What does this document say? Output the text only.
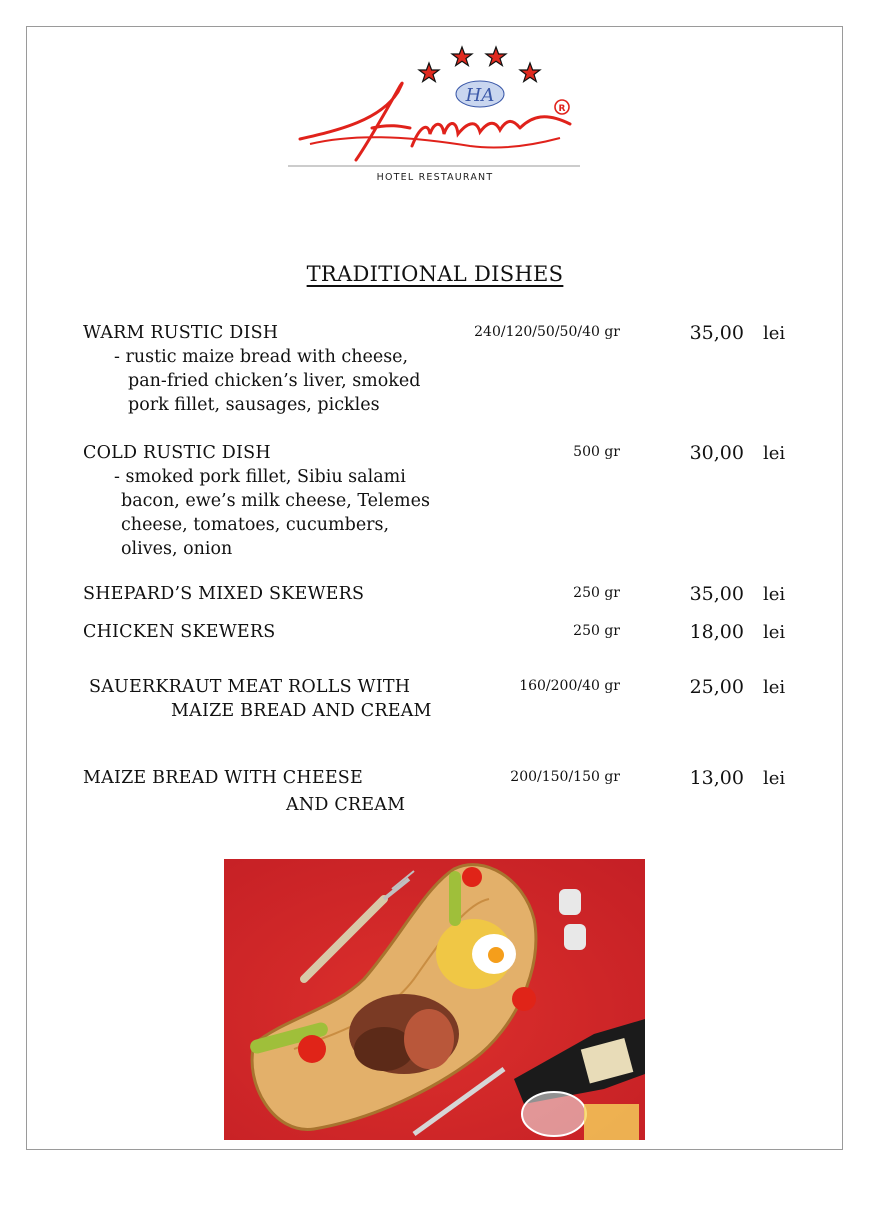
HA
R
HOTEL RESTAURANT
TRADITIONAL DISHES
WARM RUSTIC DISH
- rustic maize bread with cheese,
pan-fried chicken’s liver, smoked
pork fillet, sausages, pickles
240/120/50/50/40 gr	35,00 lei
COLD RUSTIC DISH
- smoked pork fillet, Sibiu salami
bacon, ewe’s milk cheese, Telemes
cheese, tomatoes, cucumbers,
olives, onion
500 gr	30,00 lei
SHEPARD’S MIXED SKEWERS	250 gr	35,00 lei
CHICKEN SKEWERS	250 gr	18,00 lei
SAUERKRAUT MEAT ROLLS WITH
MAIZE BREAD AND CREAM
160/200/40 gr	25,00 lei
MAIZE BREAD WITH CHEESE
AND CREAM
200/150/150 gr	13,00 lei
